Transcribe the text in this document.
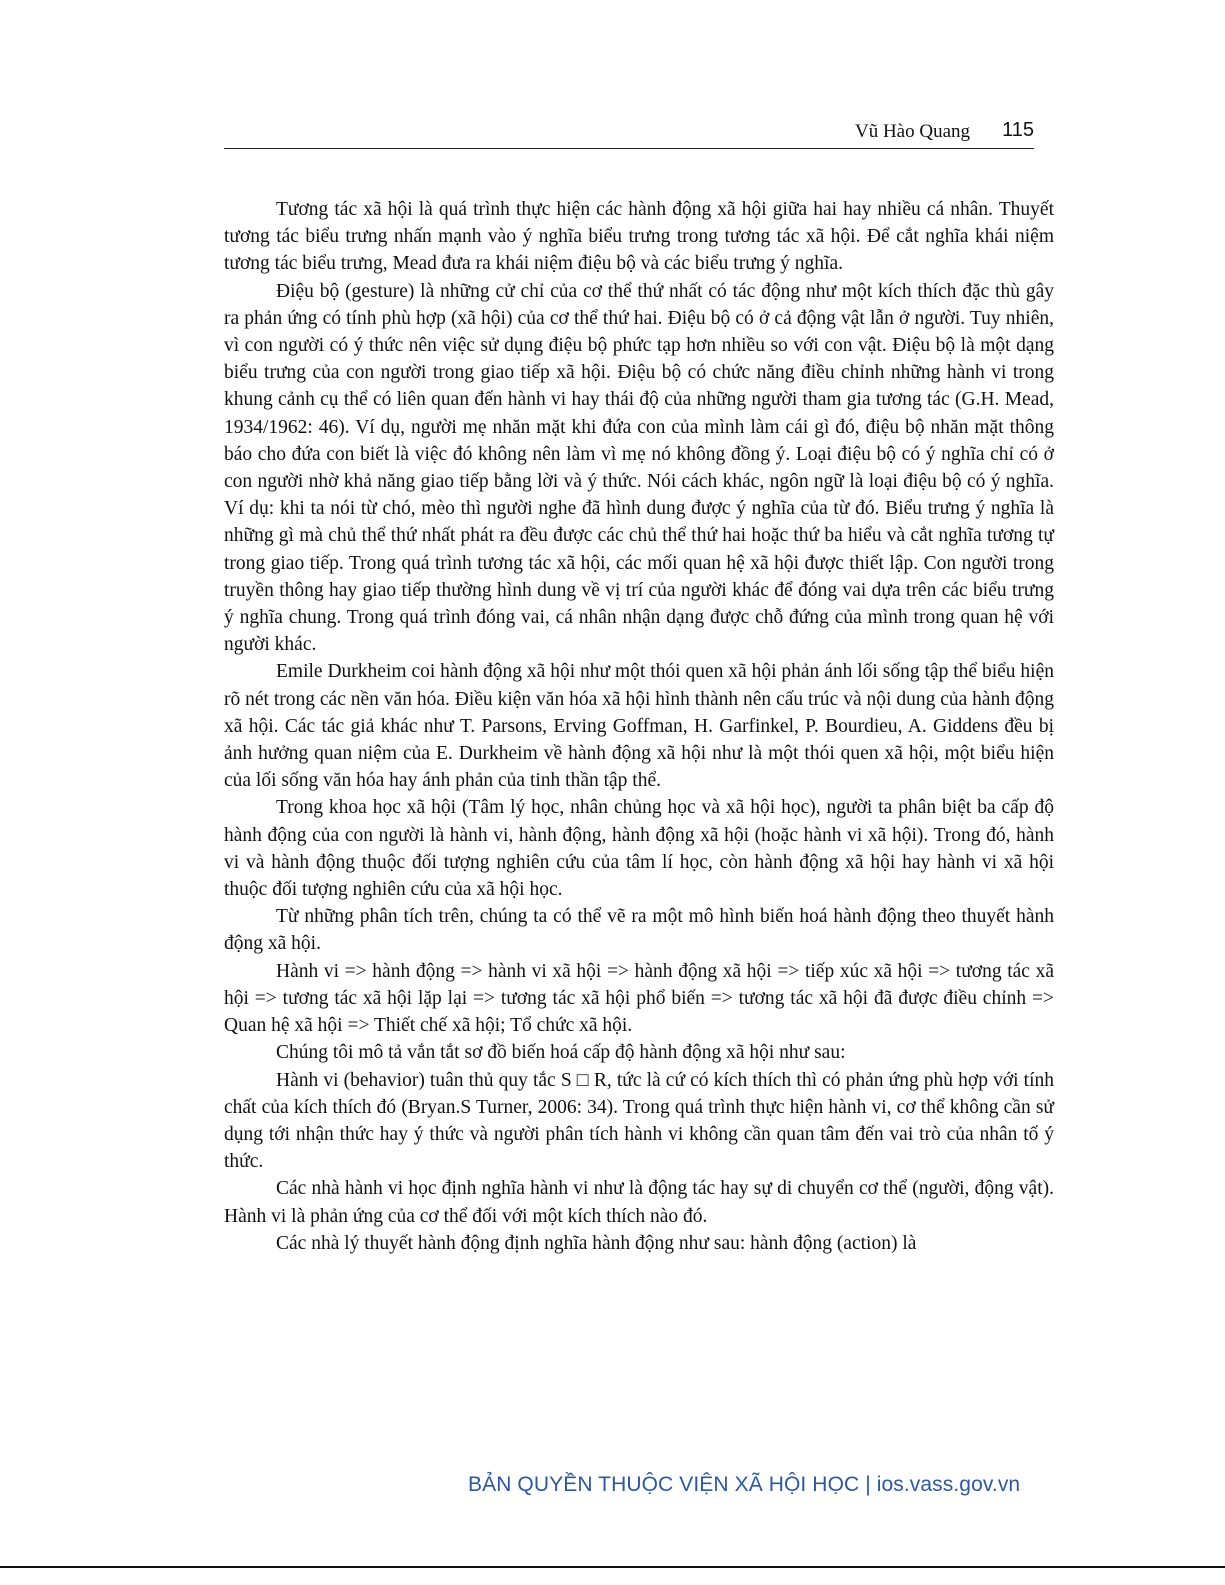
Vũ Hào Quang 115

Tương tác xã hội là quá trình thực hiện các hành động xã hội giữa hai hay nhiều cá nhân. Thuyết tương tác biểu trưng nhấn mạnh vào ý nghĩa biểu trưng trong tương tác xã hội. Để cắt nghĩa khái niệm tương tác biểu trưng, Mead đưa ra khái niệm điệu bộ và các biểu trưng ý nghĩa.

Điệu bộ (gesture) là những cử chỉ của cơ thể thứ nhất có tác động như một kích thích đặc thù gây ra phản ứng có tính phù hợp (xã hội) của cơ thể thứ hai. Điệu bộ có ở cả động vật lẫn ở người. Tuy nhiên, vì con người có ý thức nên việc sử dụng điệu bộ phức tạp hơn nhiều so với con vật. Điệu bộ là một dạng biểu trưng của con người trong giao tiếp xã hội. Điệu bộ có chức năng điều chỉnh những hành vi trong khung cảnh cụ thể có liên quan đến hành vi hay thái độ của những người tham gia tương tác (G.H. Mead, 1934/1962: 46). Ví dụ, người mẹ nhăn mặt khi đứa con của mình làm cái gì đó, điệu bộ nhăn mặt thông báo cho đứa con biết là việc đó không nên làm vì mẹ nó không đồng ý. Loại điệu bộ có ý nghĩa chỉ có ở con người nhờ khả năng giao tiếp bằng lời và ý thức. Nói cách khác, ngôn ngữ là loại điệu bộ có ý nghĩa. Ví dụ: khi ta nói từ chó, mèo thì người nghe đã hình dung được ý nghĩa của từ đó. Biểu trưng ý nghĩa là những gì mà chủ thể thứ nhất phát ra đều được các chủ thể thứ hai hoặc thứ ba hiểu và cắt nghĩa tương tự trong giao tiếp. Trong quá trình tương tác xã hội, các mối quan hệ xã hội được thiết lập. Con người trong truyền thông hay giao tiếp thường hình dung về vị trí của người khác để đóng vai dựa trên các biểu trưng ý nghĩa chung. Trong quá trình đóng vai, cá nhân nhận dạng được chỗ đứng của mình trong quan hệ với người khác.

Emile Durkheim coi hành động xã hội như một thói quen xã hội phản ánh lối sống tập thể biểu hiện rõ nét trong các nền văn hóa. Điều kiện văn hóa xã hội hình thành nên cấu trúc và nội dung của hành động xã hội. Các tác giả khác như T. Parsons, Erving Goffman, H. Garfinkel, P. Bourdieu, A. Giddens đều bị ảnh hưởng quan niệm của E. Durkheim về hành động xã hội như là một thói quen xã hội, một biểu hiện của lối sống văn hóa hay ánh phản của tinh thần tập thể.

Trong khoa học xã hội (Tâm lý học, nhân chủng học và xã hội học), người ta phân biệt ba cấp độ hành động của con người là hành vi, hành động, hành động xã hội (hoặc hành vi xã hội). Trong đó, hành vi và hành động thuộc đối tượng nghiên cứu của tâm lí học, còn hành động xã hội hay hành vi xã hội thuộc đối tượng nghiên cứu của xã hội học.

Từ những phân tích trên, chúng ta có thể vẽ ra một mô hình biến hoá hành động theo thuyết hành động xã hội.

Hành vi => hành động => hành vi xã hội => hành động xã hội => tiếp xúc xã hội => tương tác xã hội => tương tác xã hội lặp lại => tương tác xã hội phổ biến => tương tác xã hội đã được điều chỉnh => Quan hệ xã hội => Thiết chế xã hội; Tổ chức xã hội.

Chúng tôi mô tả vắn tắt sơ đồ biến hoá cấp độ hành động xã hội như sau:

Hành vi (behavior) tuân thủ quy tắc S □ R, tức là cứ có kích thích thì có phản ứng phù hợp với tính chất của kích thích đó (Bryan.S Turner, 2006: 34). Trong quá trình thực hiện hành vi, cơ thể không cần sử dụng tới nhận thức hay ý thức và người phân tích hành vi không cần quan tâm đến vai trò của nhân tố ý thức.

Các nhà hành vi học định nghĩa hành vi như là động tác hay sự di chuyển cơ thể (người, động vật). Hành vi là phản ứng của cơ thể đối với một kích thích nào đó.

Các nhà lý thuyết hành động định nghĩa hành động như sau: hành động (action) là

BẢN QUYỀN THUỘC VIỆN XÃ HỘI HỌC | ios.vass.gov.vn
